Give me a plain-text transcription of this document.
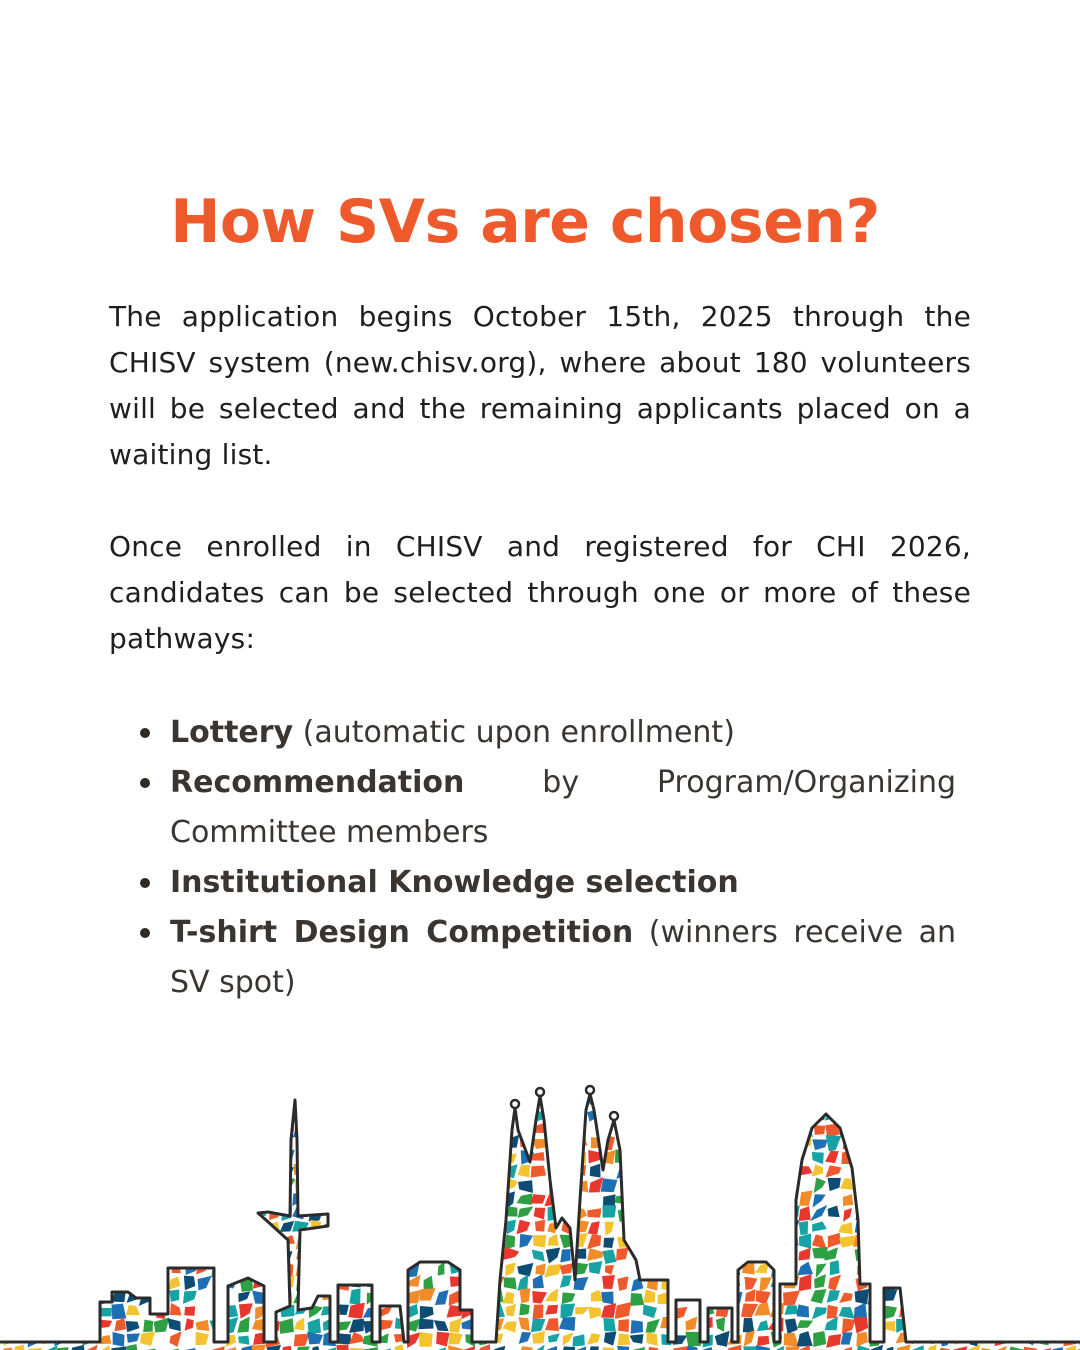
How SVs are chosen?

The application begins October 15th, 2025 through the CHISV system (new.chisv.org), where about 180 volunteers will be selected and the remaining applicants placed on a waiting list.

Once enrolled in CHISV and registered for CHI 2026, candidates can be selected through one or more of these pathways:

Lottery (automatic upon enrollment)
Recommendation by Program/Organizing Committee members
Institutional Knowledge selection
T-shirt Design Competition (winners receive an SV spot)
